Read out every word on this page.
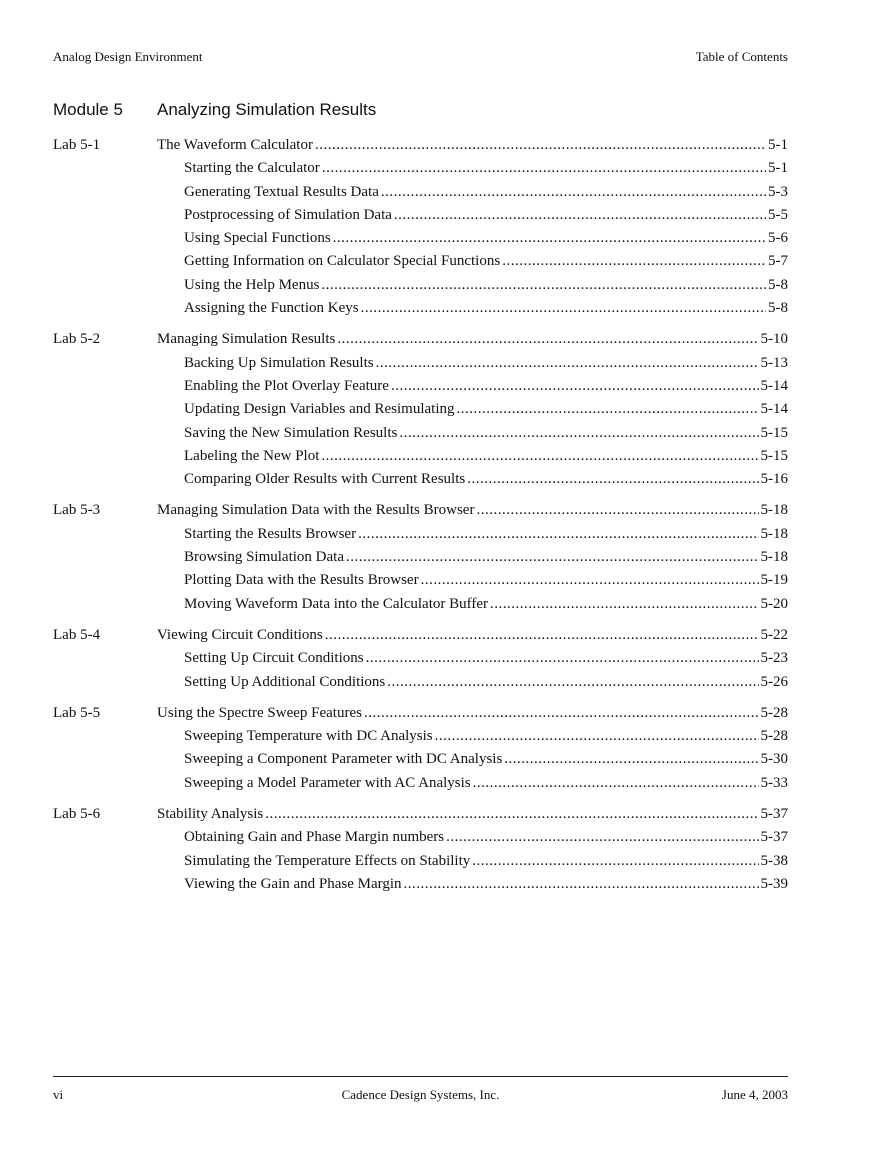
Analog Design Environment	Table of Contents
Module 5 Analyzing Simulation Results
Lab 5-1	The Waveform Calculator .....	5-1
Starting the Calculator .....	5-1
Generating Textual Results Data .....	5-3
Postprocessing of Simulation Data .....	5-5
Using Special Functions .....	5-6
Getting Information on Calculator Special Functions .....	5-7
Using the Help Menus .....	5-8
Assigning the Function Keys .....	5-8
Lab 5-2	Managing Simulation Results .....	5-10
Backing Up Simulation Results .....	5-13
Enabling the Plot Overlay Feature .....	5-14
Updating Design Variables and Resimulating .....	5-14
Saving the New Simulation Results .....	5-15
Labeling the New Plot .....	5-15
Comparing Older Results with Current Results .....	5-16
Lab 5-3	Managing Simulation Data with the Results Browser .....	5-18
Starting the Results Browser .....	5-18
Browsing Simulation Data .....	5-18
Plotting Data with the Results Browser .....	5-19
Moving Waveform Data into the Calculator Buffer .....	5-20
Lab 5-4	Viewing Circuit Conditions .....	5-22
Setting Up Circuit Conditions .....	5-23
Setting Up Additional Conditions .....	5-26
Lab 5-5	Using the Spectre Sweep Features .....	5-28
Sweeping Temperature with DC Analysis .....	5-28
Sweeping a Component Parameter with DC Analysis .....	5-30
Sweeping a Model Parameter with AC Analysis .....	5-33
Lab 5-6	Stability Analysis .....	5-37
Obtaining Gain and Phase Margin numbers .....	5-37
Simulating the Temperature Effects on Stability .....	5-38
Viewing the Gain and Phase Margin .....	5-39
vi	Cadence Design Systems, Inc.	June 4, 2003
